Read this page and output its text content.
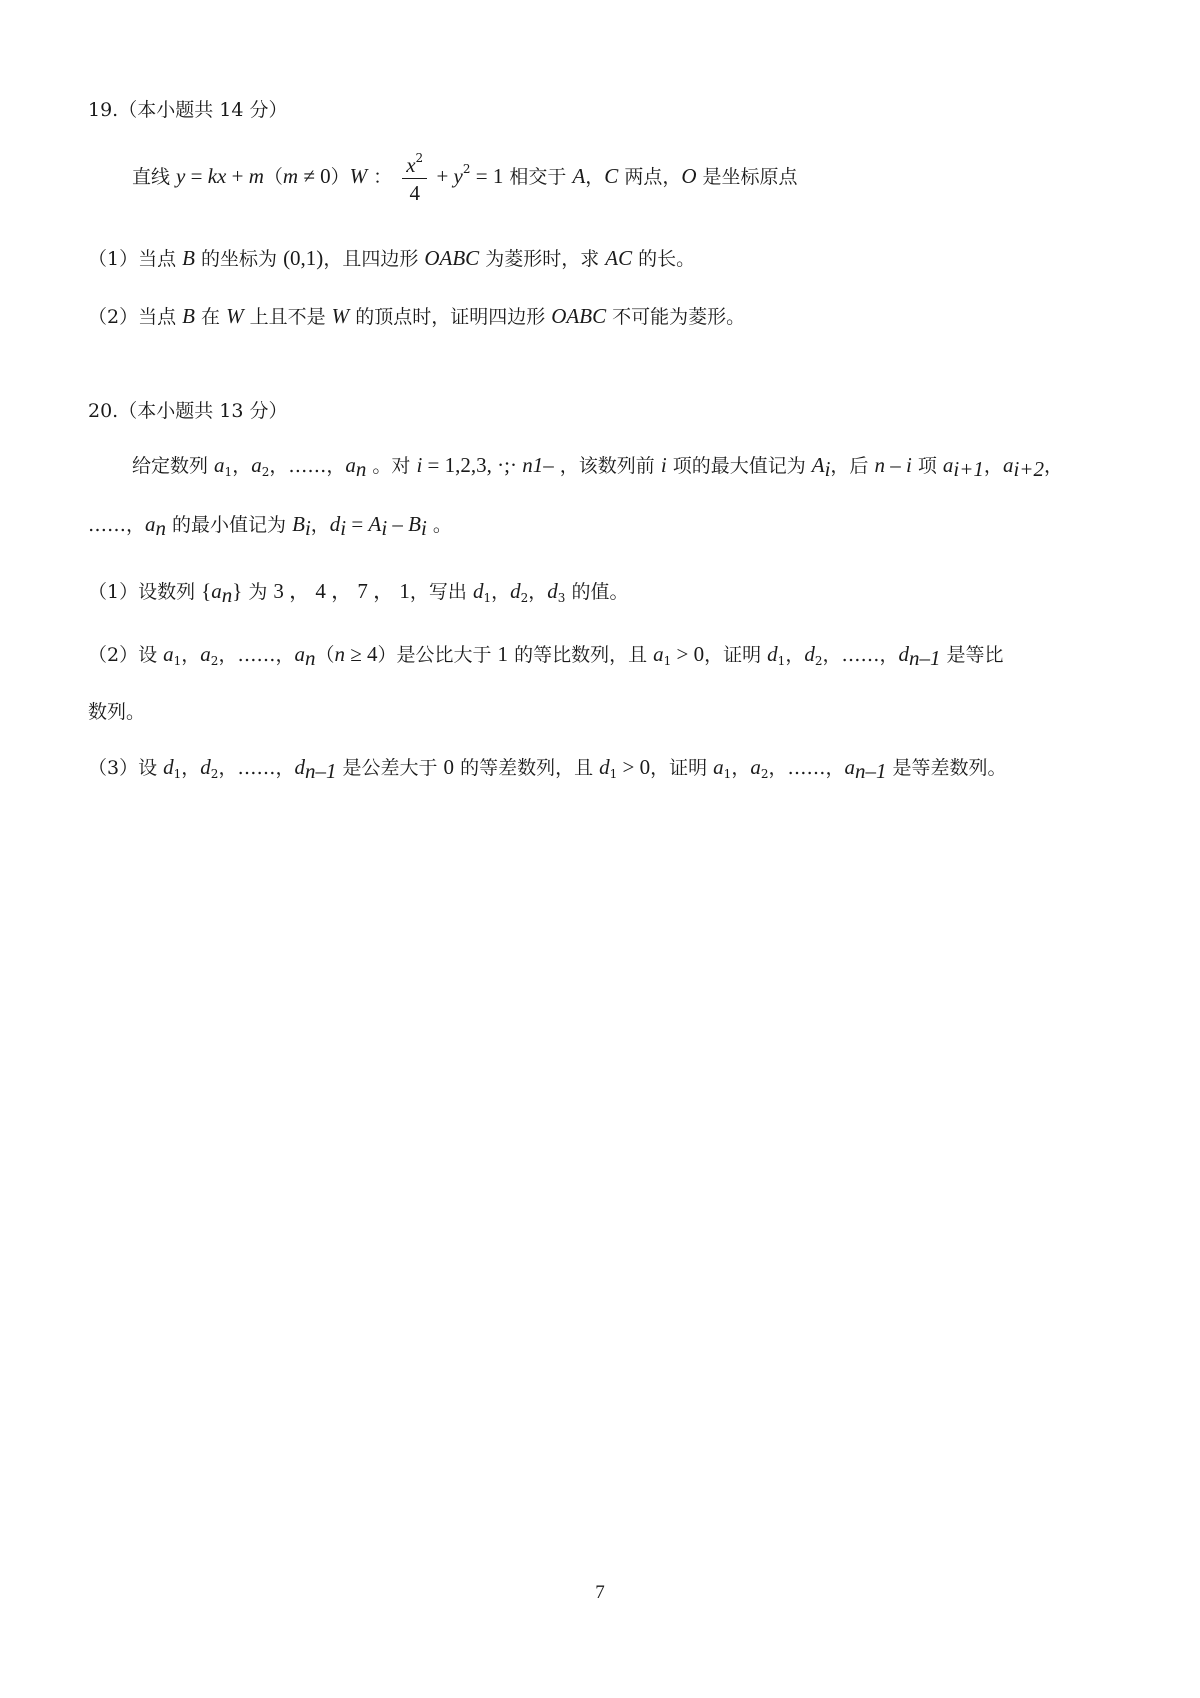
19.（本小题共 14 分）
直线 y = kx + m（m ≠ 0）W ： $\frac{x^2}{4} + y^2 = 1$ 相交于 A，C 两点，O 是坐标原点
（1）当点 B 的坐标为 (0,1)，且四边形 OABC 为菱形时，求 AC 的长。
（2）当点 B 在 W 上且不是 W 的顶点时，证明四边形 OABC 不可能为菱形。
20.（本小题共 13 分）
给定数列 $a_1$，$a_2$，……，$a_n$ 。对 i = 1,2,3, ·;· n1– ，该数列前 i 项的最大值记为 $A_i$，后 n – i 项 $a_{i+1}$，$a_{i+2}$，
……，$a_n$ 的最小值记为 $B_i$，$d_i = A_i - B_i$ 。
（1）设数列 $\{a_n\}$ 为 3 ， 4 ， 7 ， 1，写出 $d_1$，$d_2$，$d_3$ 的值。
（2）设 $a_1$，$a_2$，……，$a_n(n \ge 4)$是公比大于 1 的等比数列，且 $a_1 > 0$，证明 $d_1$，$d_2$，……，$d_{n-1}$ 是等比
数列。
（3）设 $d_1$，$d_2$，……，$d_{n-1}$ 是公差大于 0 的等差数列，且 $d_1 > 0$，证明 $a_1$，$a_2$，……，$a_{n-1}$ 是等差数列。
7
